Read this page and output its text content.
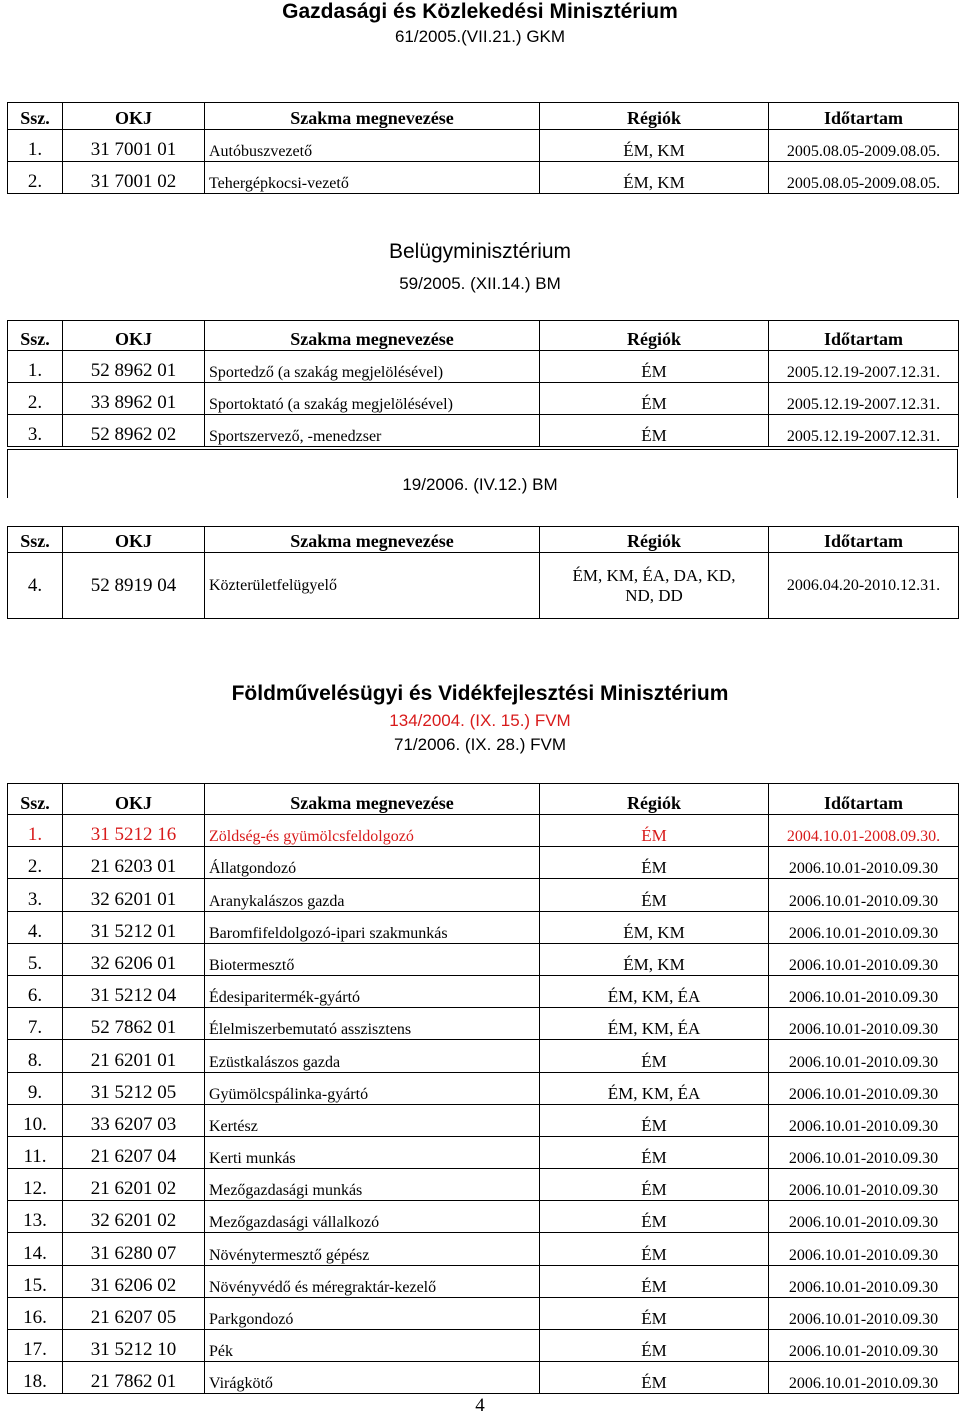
Gazdasági és Közlekedési Minisztérium
61/2005.(VII.21.) GKM
Ssz.	OKJ	Szakma megnevezése	Régiók	Időtartam
1.	31 7001 01	Autóbuszvezető	ÉM, KM	2005.08.05-2009.08.05.
2.	31 7001 02	Tehergépkocsi-vezető	ÉM, KM	2005.08.05-2009.08.05.
Belügyminisztérium
59/2005. (XII.14.) BM
Ssz.	OKJ	Szakma megnevezése	Régiók	Időtartam
1.	52 8962 01	Sportedző (a szakág megjelölésével)	ÉM	2005.12.19-2007.12.31.
2.	33 8962 01	Sportoktató (a szakág megjelölésével)	ÉM	2005.12.19-2007.12.31.
3.	52 8962 02	Sportszervező, -menedzser	ÉM	2005.12.19-2007.12.31.
19/2006. (IV.12.) BM
Ssz.	OKJ	Szakma megnevezése	Régiók	Időtartam
4.	52 8919 04	Közterületfelügyelő	ÉM, KM, ÉA, DA, KD, ND, DD	2006.04.20-2010.12.31.
Földművelésügyi és Vidékfejlesztési Minisztérium
134/2004. (IX. 15.) FVM
71/2006. (IX. 28.) FVM
Ssz.	OKJ	Szakma megnevezése	Régiók	Időtartam
1.	31 5212 16	Zöldség-és gyümölcsfeldolgozó	ÉM	2004.10.01-2008.09.30.
2.	21 6203 01	Állatgondozó	ÉM	2006.10.01-2010.09.30
3.	32 6201 01	Aranykalászos gazda	ÉM	2006.10.01-2010.09.30
4.	31 5212 01	Baromfifeldolgozó-ipari szakmunkás	ÉM, KM	2006.10.01-2010.09.30
5.	32 6206 01	Biotermesztő	ÉM, KM	2006.10.01-2010.09.30
6.	31 5212 04	Édesiparitermék-gyártó	ÉM, KM, ÉA	2006.10.01-2010.09.30
7.	52 7862 01	Élelmiszerbemutató asszisztens	ÉM, KM, ÉA	2006.10.01-2010.09.30
8.	21 6201 01	Ezüstkalászos gazda	ÉM	2006.10.01-2010.09.30
9.	31 5212 05	Gyümölcspálinka-gyártó	ÉM, KM, ÉA	2006.10.01-2010.09.30
10.	33 6207 03	Kertész	ÉM	2006.10.01-2010.09.30
11.	21 6207 04	Kerti munkás	ÉM	2006.10.01-2010.09.30
12.	21 6201 02	Mezőgazdasági munkás	ÉM	2006.10.01-2010.09.30
13.	32 6201 02	Mezőgazdasági vállalkozó	ÉM	2006.10.01-2010.09.30
14.	31 6280 07	Növénytermesztő gépész	ÉM	2006.10.01-2010.09.30
15.	31 6206 02	Növényvédő és méregraktár-kezelő	ÉM	2006.10.01-2010.09.30
16.	21 6207 05	Parkgondozó	ÉM	2006.10.01-2010.09.30
17.	31 5212 10	Pék	ÉM	2006.10.01-2010.09.30
18.	21 7862 01	Virágkötő	ÉM	2006.10.01-2010.09.30
4
